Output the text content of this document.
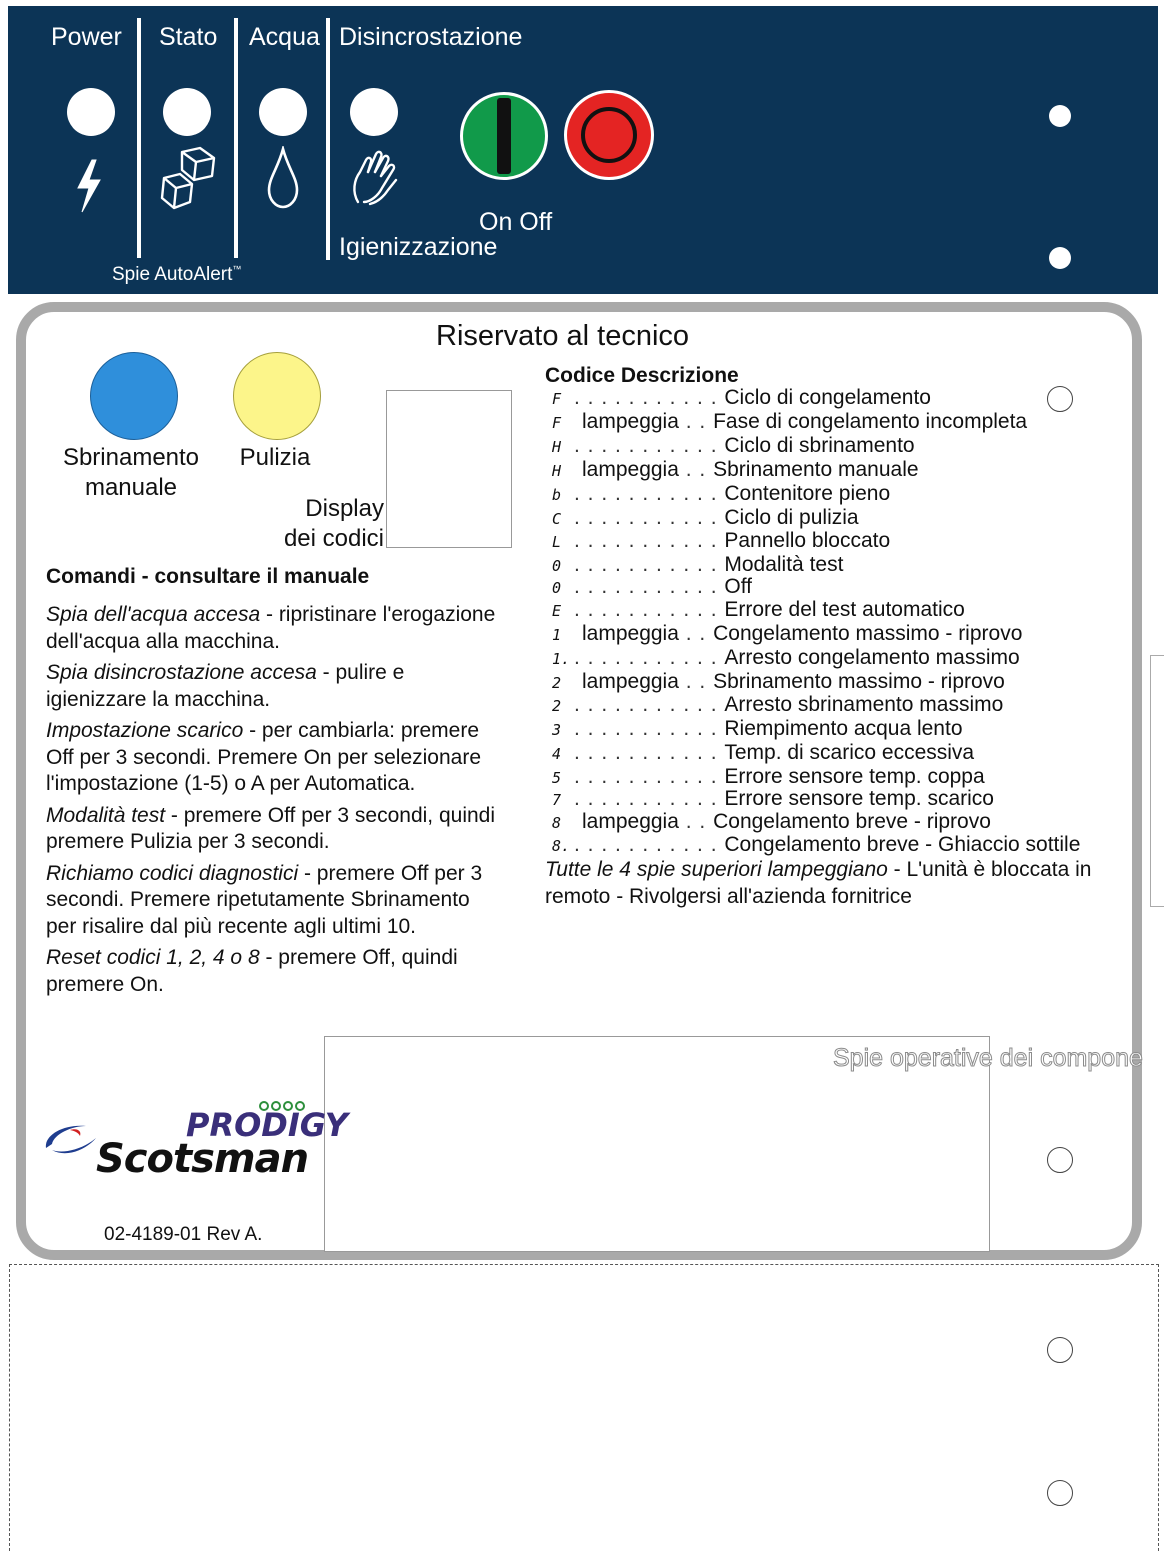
Power Stato Acqua Disincrostazione
On Off
Igienizzazione
Spie AutoAlert™
Riservato al tecnico
Sbrinamento
manuale
Pulizia
Display
dei codici
Comandi - consultare il manuale

Spia dell'acqua accesa - ripristinare l'erogazione dell'acqua alla macchina.

Spia disincrostazione accesa - pulire e igienizzare la macchina.

Impostazione scarico - per cambiarla: premere Off per 3 secondi. Premere On per selezionare l'impostazione (1-5) o A per Automatica.

Modalità test - premere Off per 3 secondi, quindi premere Pulizia per 3 secondi.

Richiamo codici diagnostici - premere Off per 3 secondi. Premere ripetutamente Sbrinamento per risalire dal più recente agli ultimi 10.

Reset codici 1, 2, 4 o 8 - premere Off, quindi premere On.

Codice Descrizione
F . . . . . . . . . . . Ciclo di congelamento
F lampeggia . . Fase di congelamento incompleta
H . . . . . . . . . . . Ciclo di sbrinamento
H lampeggia . . Sbrinamento manuale
b . . . . . . . . . . . Contenitore pieno
C . . . . . . . . . . . Ciclo di pulizia
L . . . . . . . . . . . Pannello bloccato
0 . . . . . . . . . . . Modalità test
0 . . . . . . . . . . . Off
E . . . . . . . . . . . Errore del test automatico
1 lampeggia . . Congelamento massimo - riprovo
1. . . . . . . . . . . . Arresto congelamento massimo
2 lampeggia . . Sbrinamento massimo - riprovo
2 . . . . . . . . . . . Arresto sbrinamento massimo
3 . . . . . . . . . . . Riempimento acqua lento
4 . . . . . . . . . . . Temp. di scarico eccessiva
5 . . . . . . . . . . . Errore sensore temp. coppa
7 . . . . . . . . . . . Errore sensore temp. scarico
8 lampeggia . . Congelamento breve - riprovo
8. . . . . . . . . . . . Congelamento breve - Ghiaccio sottile
Tutte le 4 spie superiori lampeggiano - L'unità è bloccata in remoto - Rivolgersi all'azienda fornitrice
Spie operative dei compone
PRODIGY
Scotsman
02-4189-01 Rev A.
